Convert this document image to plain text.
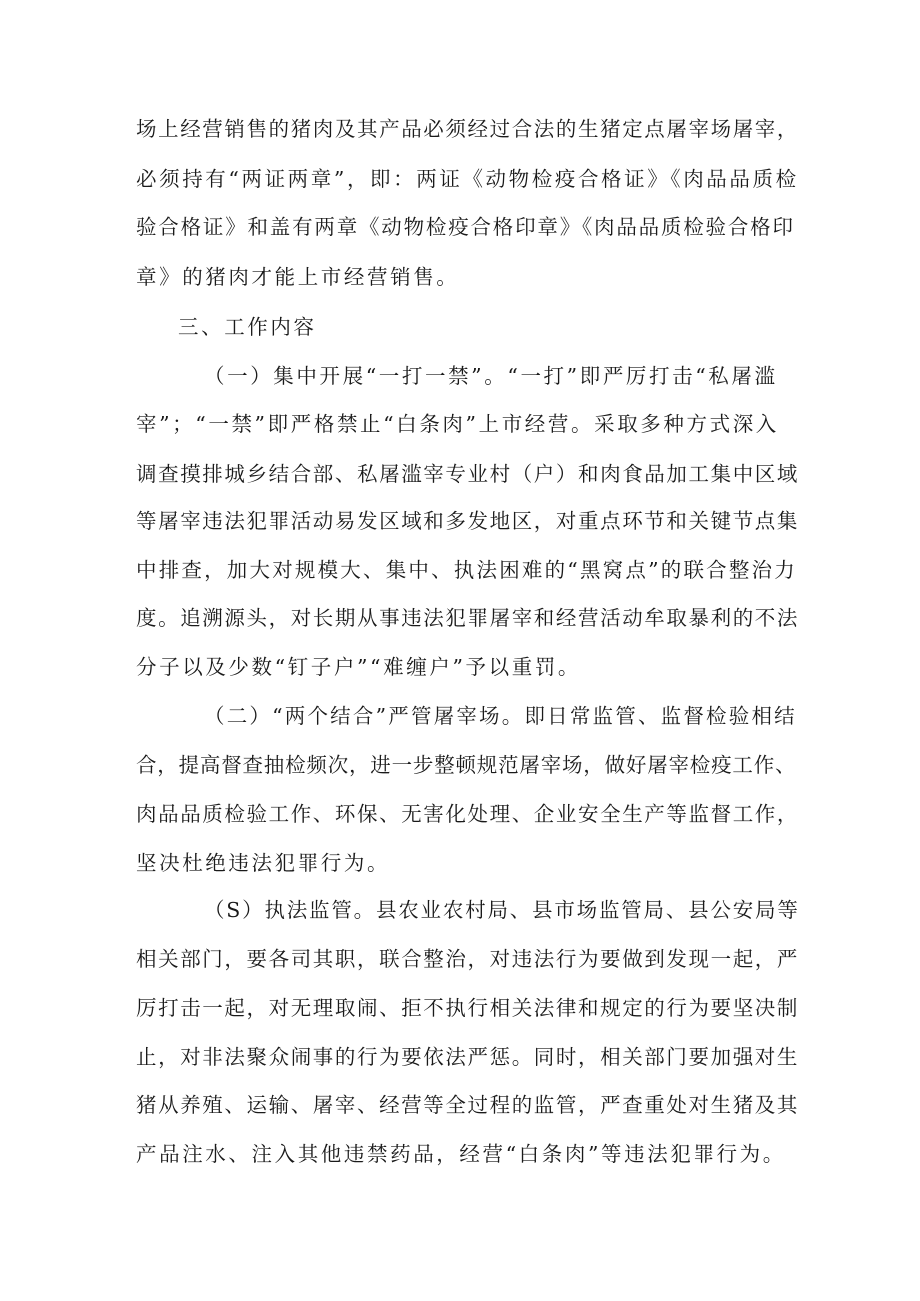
场上经营销售的猪肉及其产品必须经过合法的生猪定点屠宰场屠宰，
必须持有“两证两章”，即：两证《动物检疫合格证》《肉品品质检
验合格证》和盖有两章《动物检疫合格印章》《肉品品质检验合格印
章》的猪肉才能上市经营销售。
三、工作内容
（一）集中开展“一打一禁”。“一打”即严厉打击“私屠滥
宰”；“一禁”即严格禁止“白条肉”上市经营。采取多种方式深入
调查摸排城乡结合部、私屠滥宰专业村（户）和肉食品加工集中区域
等屠宰违法犯罪活动易发区域和多发地区，对重点环节和关键节点集
中排查，加大对规模大、集中、执法困难的“黑窝点”的联合整治力
度。追溯源头，对长期从事违法犯罪屠宰和经营活动牟取暴利的不法
分子以及少数“钉子户”“难缠户”予以重罚。
（二）“两个结合”严管屠宰场。即日常监管、监督检验相结
合，提高督查抽检频次，进一步整顿规范屠宰场，做好屠宰检疫工作、
肉品品质检验工作、环保、无害化处理、企业安全生产等监督工作，
坚决杜绝违法犯罪行为。
（S）执法监管。县农业农村局、县市场监管局、县公安局等
相关部门，要各司其职，联合整治，对违法行为要做到发现一起，严
厉打击一起，对无理取闹、拒不执行相关法律和规定的行为要坚决制
止，对非法聚众闹事的行为要依法严惩。同时，相关部门要加强对生
猪从养殖、运输、屠宰、经营等全过程的监管，严查重处对生猪及其
产品注水、注入其他违禁药品，经营“白条肉”等违法犯罪行为。
